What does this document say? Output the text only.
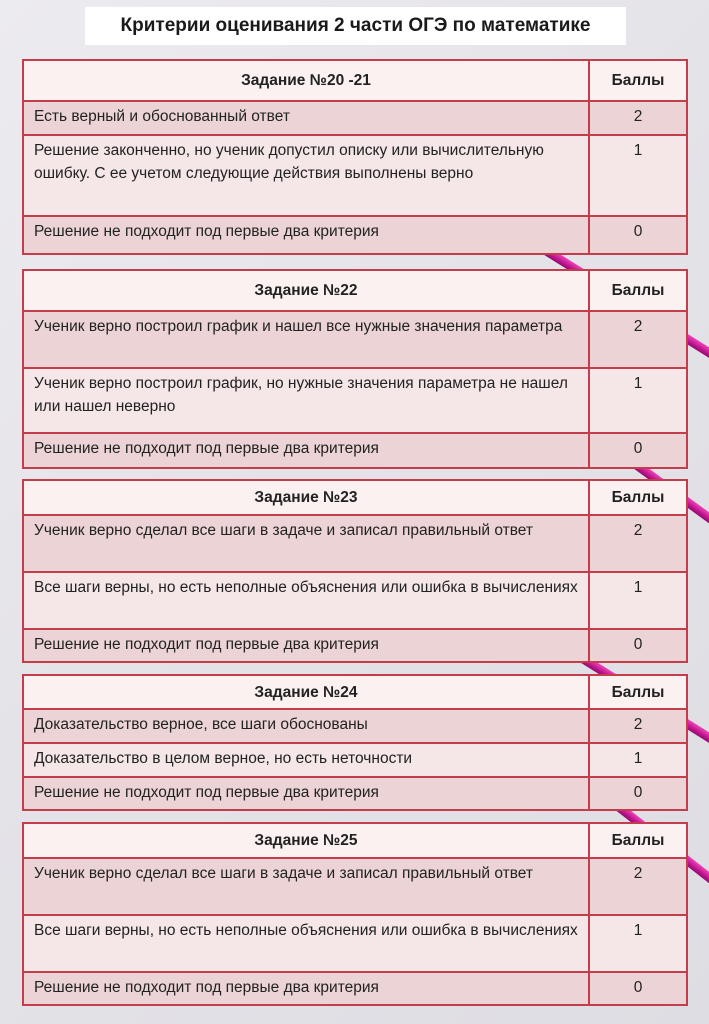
Критерии оценивания 2 части ОГЭ по математике
Задание №20 -21	Баллы
Есть верный и обоснованный ответ	2
Решение законченно, но ученик допустил описку или вычислительную ошибку. С ее учетом следующие действия выполнены верно	1
Решение не подходит под первые два критерия	0
Задание №22	Баллы
Ученик верно построил график и нашел все нужные значения параметра	2
Ученик верно построил график, но нужные значения параметра не нашел или нашел неверно	1
Решение не подходит под первые два критерия	0
Задание №23	Баллы
Ученик верно сделал все шаги в задаче и записал правильный ответ	2
Все шаги верны, но есть неполные объяснения или ошибка в вычислениях	1
Решение не подходит под первые два критерия	0
Задание №24	Баллы
Доказательство верное, все шаги обоснованы	2
Доказательство в целом верное, но есть неточности	1
Решение не подходит под первые два критерия	0
Задание №25	Баллы
Ученик верно сделал все шаги в задаче и записал правильный ответ	2
Все шаги верны, но есть неполные объяснения или ошибка в вычислениях	1
Решение не подходит под первые два критерия	0
